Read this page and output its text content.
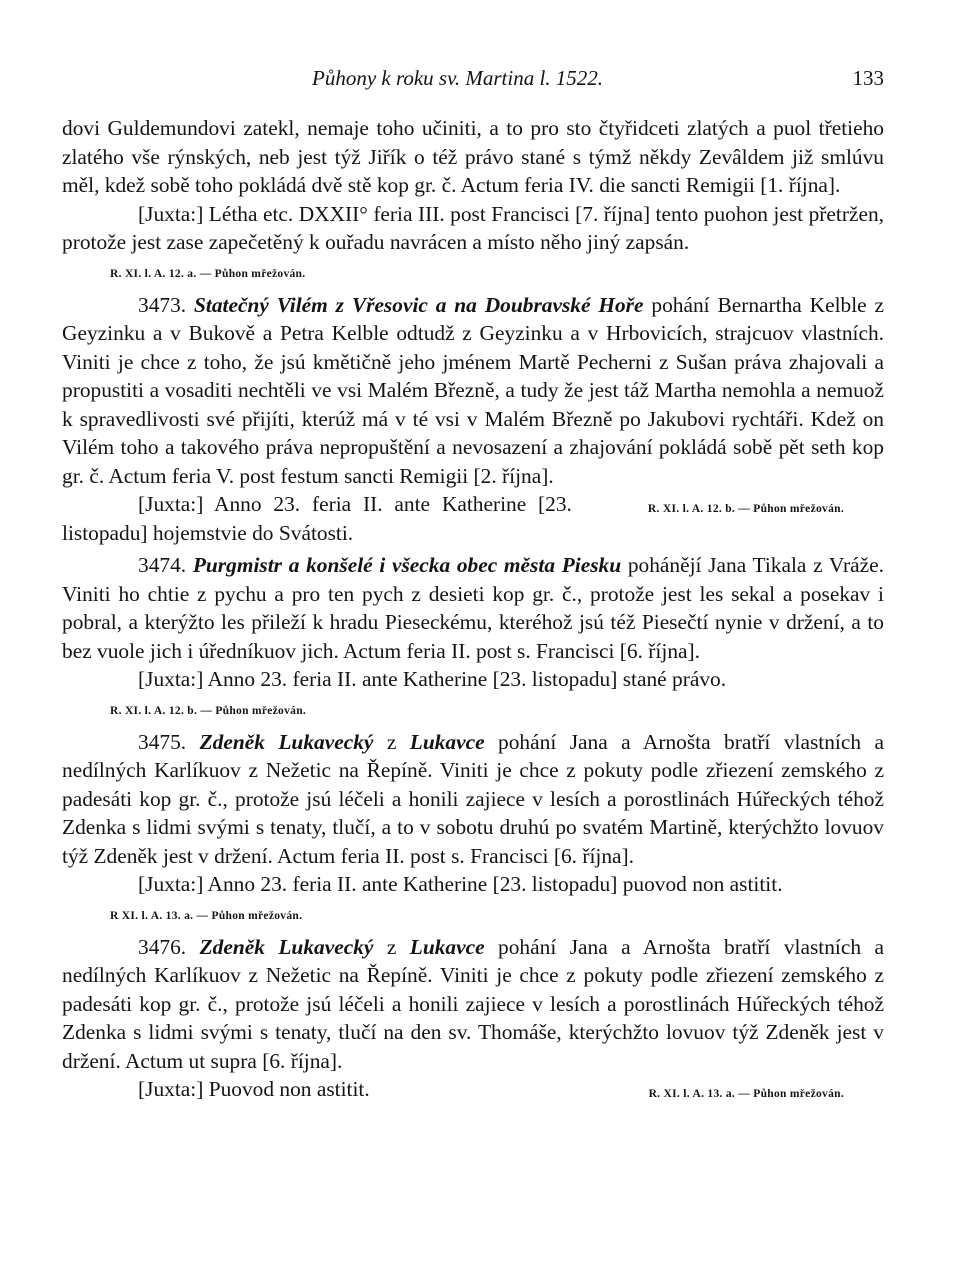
Půhony k roku sv. Martina l. 1522.	133

dovi Guldemundovi zatekl, nemaje toho učiniti, a to pro sto čtyřidceti zlatých a puol třetieho zlatého vše rýnských, neb jest týž Jiřík o též právo stané s týmž někdy Zevâldem již smlúvu měl, kdež sobě toho pokládá dvě stě kop gr. č. Actum feria IV. die sancti Remigii [1. října].

[Juxta:] Létha etc. DXXII° feria III. post Francisci [7. října] tento puohon jest přetržen, protože jest zase zapečetěný k ouřadu navrácen a místo něho jiný zapsán.

R. XI. l. A. 12. a. — Půhon mřežován.

3473. Statečný Vilém z Vřesovic a na Doubravské Hoře pohání Bernartha Kelble z Geyzinku a v Bukově a Petra Kelble odtudž z Geyzinku a v Hrbovicích, strajcuov vlastních. Viniti je chce z toho, že jsú kmětičně jeho jménem Martě Pecherni z Sušan práva zhajovali a propustiti a vosaditi nechtěli ve vsi Malém Březně, a tudy že jest táž Martha nemohla a nemuož k spravedlivosti své přijíti, kterúž má v té vsi v Malém Březně po Jakubovi rychtáři. Kdež on Vilém toho a takového práva nepropuštění a nevosazení a zhajování pokládá sobě pět seth kop gr. č. Actum feria V. post festum sancti Remigii [2. října].

R. XI. l. A. 12. b. — Půhon mřežován.
[Juxta:] Anno 23. feria II. ante Katherine [23. listopadu] hojemstvie do Svátosti.

3474. Purgmistr a konšelé i všecka obec města Piesku pohánějí Jana Tikala z Vráže. Viniti ho chtie z pychu a pro ten pych z desieti kop gr. č., protože jest les sekal a posekav i pobral, a kterýžto les přileží k hradu Pieseckému, kteréhož jsú též Piesečtí nynie v držení, a to bez vuole jich i úředníkuov jich. Actum feria II. post s. Francisci [6. října].

[Juxta:] Anno 23. feria II. ante Katherine [23. listopadu] stané právo.

R. XI. l. A. 12. b. — Půhon mřežován.

3475. Zdeněk Lukavecký z Lukavce pohání Jana a Arnošta bratří vlastních a nedílných Karlíkuov z Nežetic na Řepíně. Viniti je chce z pokuty podle zřiezení zemského z padesáti kop gr. č., protože jsú léčeli a honili zajiece v lesích a porostlinách Húřeckých téhož Zdenka s lidmi svými s tenaty, tlučí, a to v sobotu druhú po svatém Martině, kterýchžto lovuov týž Zdeněk jest v držení. Actum feria II. post s. Francisci [6. října].

[Juxta:] Anno 23. feria II. ante Katherine [23. listopadu] puovod non astitit.

R XI. l. A. 13. a. — Půhon mřežován.

3476. Zdeněk Lukavecký z Lukavce pohání Jana a Arnošta bratří vlastních a nedílných Karlíkuov z Nežetic na Řepíně. Viniti je chce z pokuty podle zřiezení zemského z padesáti kop gr. č., protože jsú léčeli a honili zajiece v lesích a porostlinách Húřeckých téhož Zdenka s lidmi svými s tenaty, tlučí na den sv. Thomáše, kterýchžto lovuov týž Zdeněk jest v držení. Actum ut supra [6. října].

R. XI. l. A. 13. a. — Půhon mřežován.
[Juxta:] Puovod non astitit.
